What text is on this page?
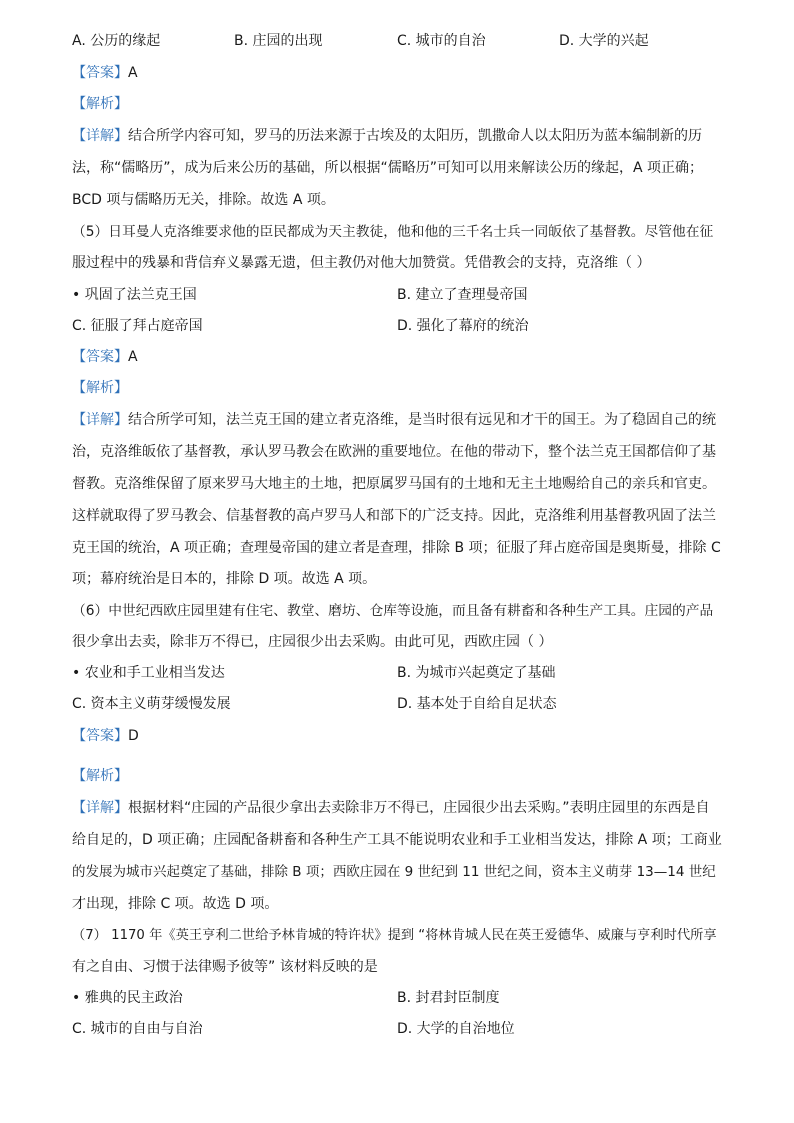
A. 公历的缘起	B. 庄园的出现	C. 城市的自治	D. 大学的兴起
【答案】A
【解析】
【详解】结合所学内容可知，罗马的历法来源于古埃及的太阳历，凯撒命人以太阳历为蓝本编制新的历
法，称“儒略历”，成为后来公历的基础，所以根据“儒略历”可知可以用来解读公历的缘起，A 项正确；
BCD 项与儒略历无关，排除。故选 A 项。
（5）日耳曼人克洛维要求他的臣民都成为天主教徒，他和他的三千名士兵一同皈依了基督教。尽管他在征
服过程中的残暴和背信弃义暴露无遗，但主教仍对他大加赞赏。凭借教会的支持，克洛维（ ）
• 巩固了法兰克王国	B. 建立了查理曼帝国
C. 征服了拜占庭帝国	D. 强化了幕府的统治
【答案】A
【解析】
【详解】结合所学可知，法兰克王国的建立者克洛维，是当时很有远见和才干的国王。为了稳固自己的统
治，克洛维皈依了基督教，承认罗马教会在欧洲的重要地位。在他的带动下，整个法兰克王国都信仰了基
督教。克洛维保留了原来罗马大地主的土地，把原属罗马国有的土地和无主土地赐给自己的亲兵和官吏。
这样就取得了罗马教会、信基督教的高卢罗马人和部下的广泛支持。因此，克洛维利用基督教巩固了法兰
克王国的统治，A 项正确；查理曼帝国的建立者是查理，排除 B 项；征服了拜占庭帝国是奥斯曼，排除 C
项；幕府统治是日本的，排除 D 项。故选 A 项。
（6）中世纪西欧庄园里建有住宅、教堂、磨坊、仓库等设施，而且备有耕畜和各种生产工具。庄园的产品
很少拿出去卖，除非万不得已，庄园很少出去采购。由此可见，西欧庄园（ ）
• 农业和手工业相当发达	B. 为城市兴起奠定了基础
C. 资本主义萌芽缓慢发展	D. 基本处于自给自足状态
【答案】D
【解析】
【详解】根据材料“庄园的产品很少拿出去卖除非万不得已，庄园很少出去采购。”表明庄园里的东西是自
给自足的，D 项正确；庄园配备耕畜和各种生产工具不能说明农业和手工业相当发达，排除 A 项；工商业
的发展为城市兴起奠定了基础，排除 B 项；西欧庄园在 9 世纪到 11 世纪之间，资本主义萌芽 13—14 世纪
才出现，排除 C 项。故选 D 项。
（7） 1170 年《英王亨利二世给予林肯城的特许状》提到 “将林肯城人民在英王爱德华、威廉与亨利时代所享
有之自由、习惯于法律赐予彼等” 该材料反映的是
• 雅典的民主政治	B. 封君封臣制度
C. 城市的自由与自治	D. 大学的自治地位
